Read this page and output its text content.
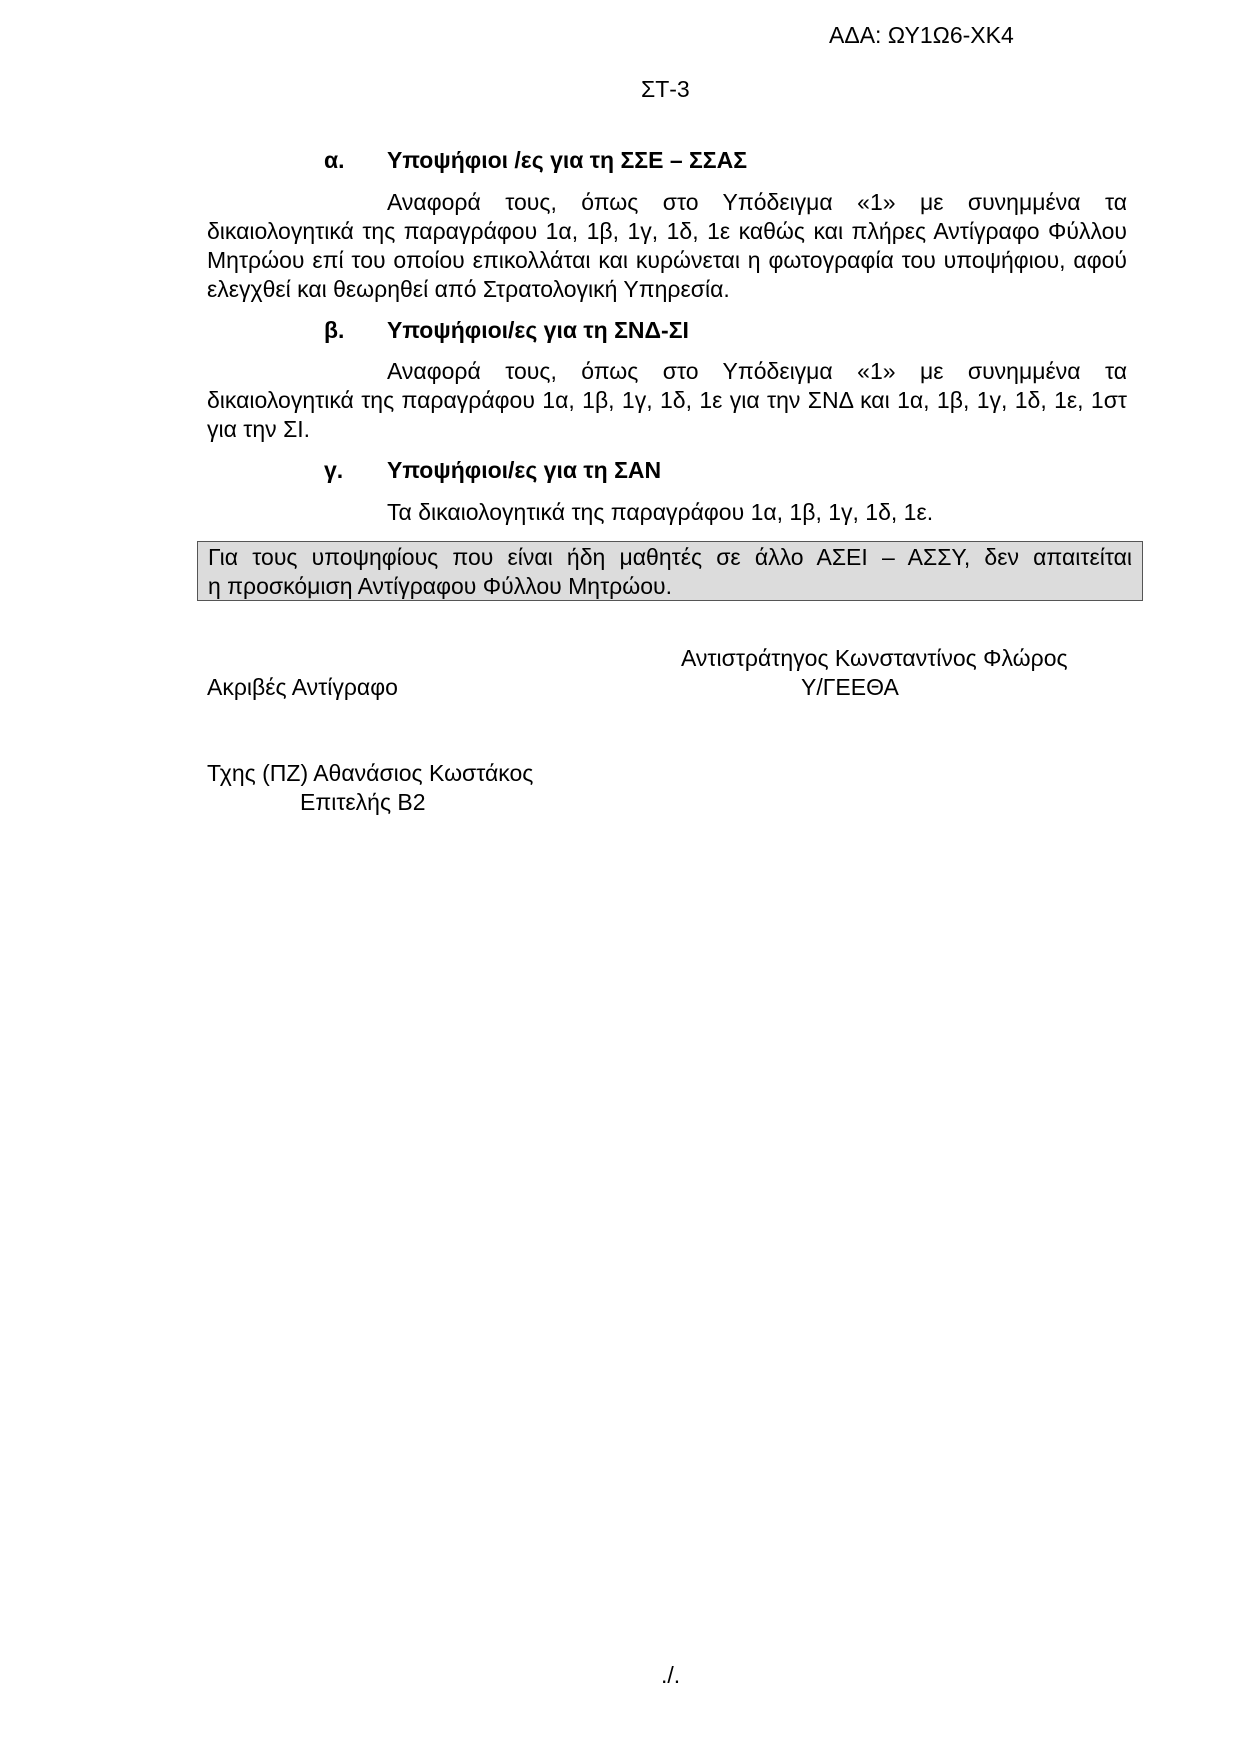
ΑΔΑ: ΩΥ1Ω6-ΧΚ4
ΣΤ-3
α. Υποψήφιοι /ες για τη ΣΣΕ – ΣΣΑΣ
Αναφορά τους, όπως στο Υπόδειγμα «1» με συνημμένα τα δικαιολογητικά της παραγράφου 1α, 1β, 1γ, 1δ, 1ε καθώς και πλήρες Αντίγραφο Φύλλου Μητρώου επί του οποίου επικολλάται και κυρώνεται η φωτογραφία του υποψήφιου, αφού ελεγχθεί και θεωρηθεί από Στρατολογική Υπηρεσία.
β. Υποψήφιοι/ες για τη ΣΝΔ-ΣΙ
Αναφορά τους, όπως στο Υπόδειγμα «1» με συνημμένα τα δικαιολογητικά της παραγράφου 1α, 1β, 1γ, 1δ, 1ε για την ΣΝΔ και 1α, 1β, 1γ, 1δ, 1ε, 1στ για την ΣΙ.
γ. Υποψήφιοι/ες για τη ΣΑΝ
Τα δικαιολογητικά της παραγράφου 1α, 1β, 1γ, 1δ, 1ε.

Για τους υποψηφίους που είναι ήδη μαθητές σε άλλο ΑΣΕΙ – ΑΣΣΥ, δεν απαιτείται
η προσκόμιση Αντίγραφου Φύλλου Μητρώου.

Αντιστράτηγος Κωνσταντίνος Φλώρος
Υ/ΓΕΕΘΑ
Ακριβές Αντίγραφο
Τχης (ΠΖ) Αθανάσιος Κωστάκος
Επιτελής Β2
./.
